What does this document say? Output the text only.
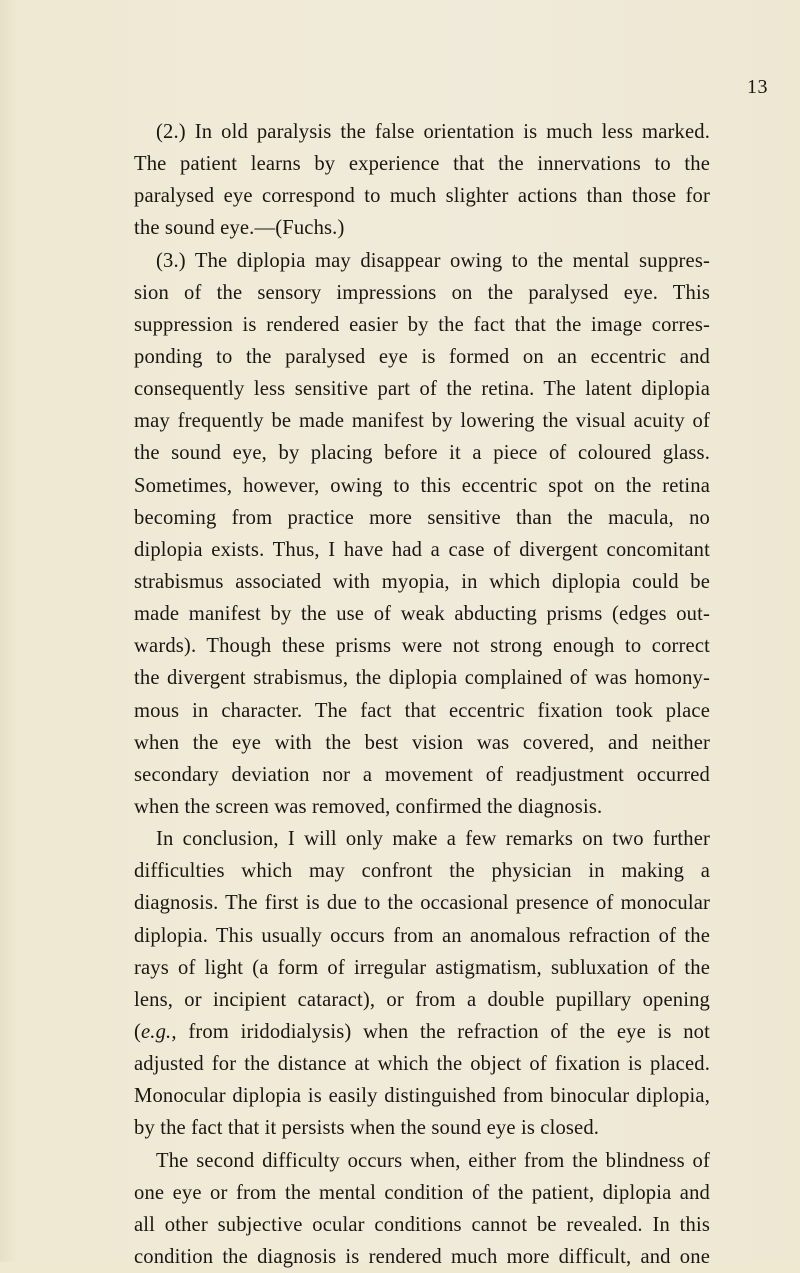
13
(2.) In old paralysis the false orientation is much less marked.
The patient learns by experience that the innervations to the
paralysed eye correspond to much slighter actions than those for
the sound eye.—(Fuchs.)
(3.) The diplopia may disappear owing to the mental suppres-
sion of the sensory impressions on the paralysed eye. This
suppression is rendered easier by the fact that the image corres-
ponding to the paralysed eye is formed on an eccentric and
consequently less sensitive part of the retina. The latent diplopia
may frequently be made manifest by lowering the visual acuity of
the sound eye, by placing before it a piece of coloured glass.
Sometimes, however, owing to this eccentric spot on the retina
becoming from practice more sensitive than the macula, no
diplopia exists. Thus, I have had a case of divergent concomitant
strabismus associated with myopia, in which diplopia could be
made manifest by the use of weak abducting prisms (edges out-
wards). Though these prisms were not strong enough to correct
the divergent strabismus, the diplopia complained of was homony-
mous in character. The fact that eccentric fixation took place
when the eye with the best vision was covered, and neither
secondary deviation nor a movement of readjustment occurred
when the screen was removed, confirmed the diagnosis.
In conclusion, I will only make a few remarks on two further
difficulties which may confront the physician in making a
diagnosis. The first is due to the occasional presence of monocular
diplopia. This usually occurs from an anomalous refraction of the
rays of light (a form of irregular astigmatism, subluxation of the
lens, or incipient cataract), or from a double pupillary opening
(e.g., from iridodialysis) when the refraction of the eye is not
adjusted for the distance at which the object of fixation is placed.
Monocular diplopia is easily distinguished from binocular diplopia,
by the fact that it persists when the sound eye is closed.
The second difficulty occurs when, either from the blindness of
one eye or from the mental condition of the patient, diplopia and
all other subjective ocular conditions cannot be revealed. In this
condition the diagnosis is rendered much more difficult, and one
